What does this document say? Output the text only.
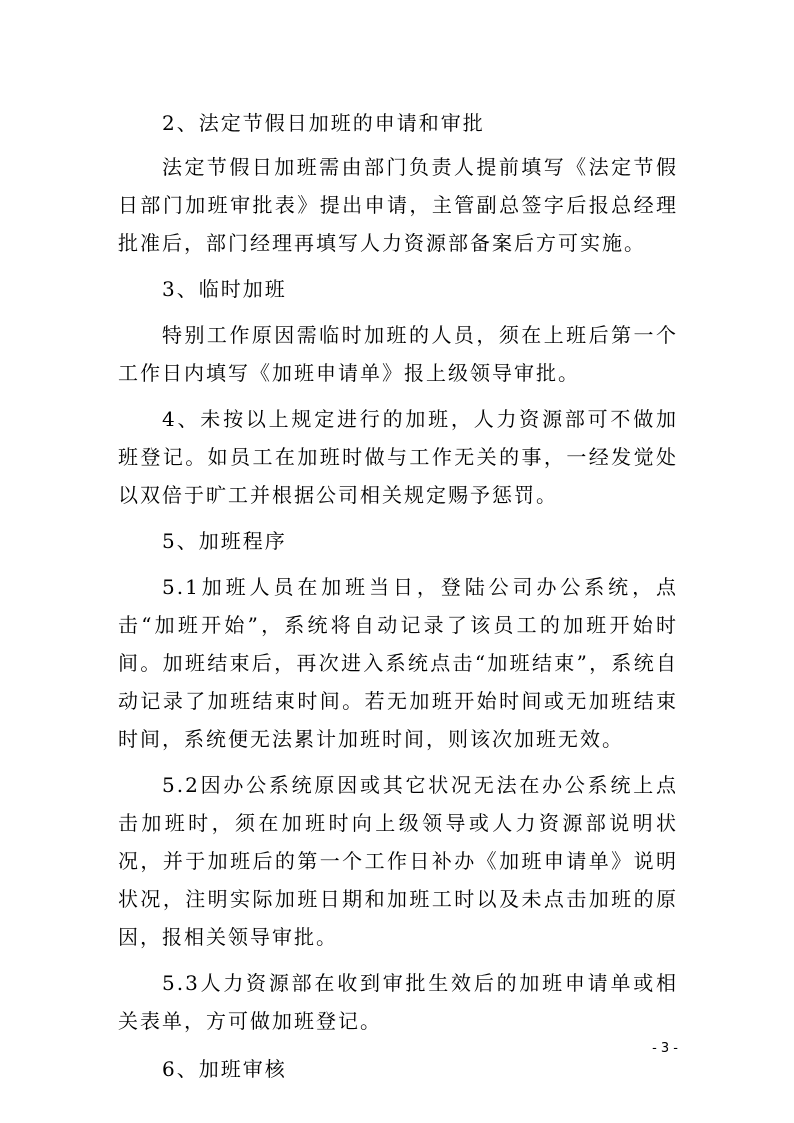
2、法定节假日加班的申请和审批

法定节假日加班需由部门负责人提前填写《法定节假日部门加班审批表》提出申请，主管副总签字后报总经理批准后，部门经理再填写人力资源部备案后方可实施。

3、临时加班

特别工作原因需临时加班的人员，须在上班后第一个工作日内填写《加班申请单》报上级领导审批。

4、未按以上规定进行的加班，人力资源部可不做加班登记。如员工在加班时做与工作无关的事，一经发觉处以双倍于旷工并根据公司相关规定赐予惩罚。

5、加班程序

5.1加班人员在加班当日，登陆公司办公系统，点击“加班开始”，系统将自动记录了该员工的加班开始时间。加班结束后，再次进入系统点击“加班结束”，系统自动记录了加班结束时间。若无加班开始时间或无加班结束时间，系统便无法累计加班时间，则该次加班无效。

5.2因办公系统原因或其它状况无法在办公系统上点击加班时，须在加班时向上级领导或人力资源部说明状况，并于加班后的第一个工作日补办《加班申请单》说明状况，注明实际加班日期和加班工时以及未点击加班的原因，报相关领导审批。

5.3人力资源部在收到审批生效后的加班申请单或相关表单，方可做加班登记。

6、加班审核

- 3 -
